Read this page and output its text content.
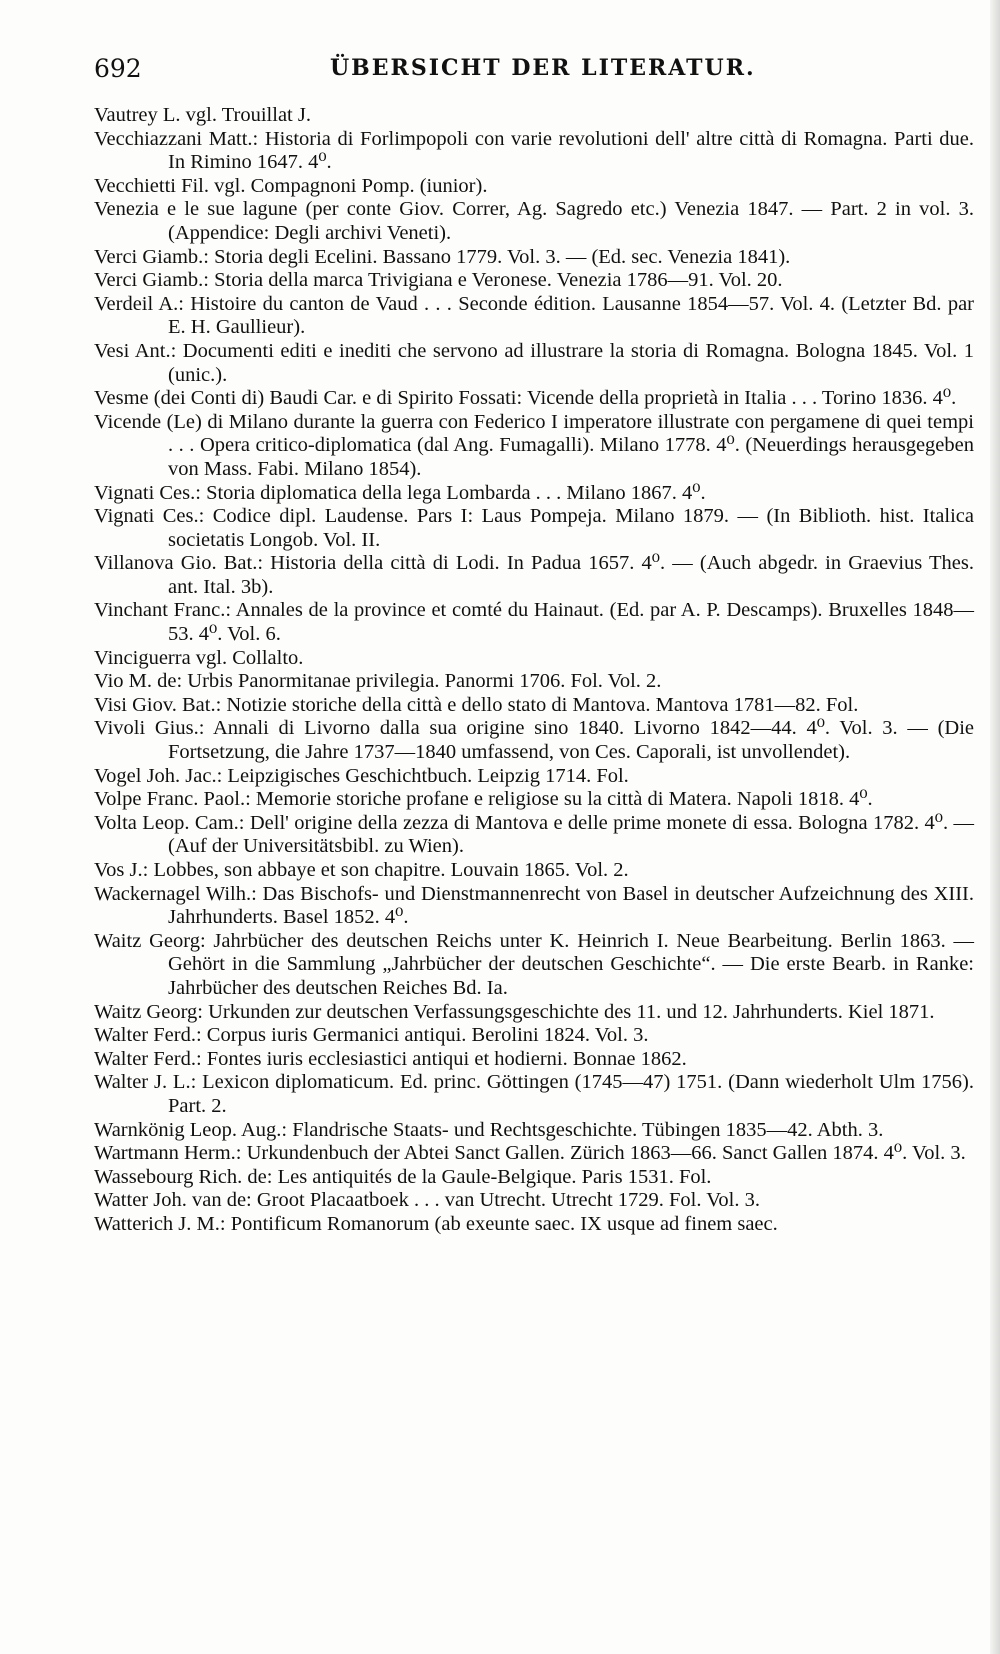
692	ÜBERSICHT DER LITERATUR.
Vautrey L. vgl. Trouillat J.
Vecchiazzani Matt.: Historia di Forlimpopoli con varie revolutioni dell' altre città di Romagna. Parti due. In Rimino 1647. 4⁰.
Vecchietti Fil. vgl. Compagnoni Pomp. (iunior).
Venezia e le sue lagune (per conte Giov. Correr, Ag. Sagredo etc.) Venezia 1847. — Part. 2 in vol. 3. (Appendice: Degli archivi Veneti).
Verci Giamb.: Storia degli Ecelini. Bassano 1779. Vol. 3. — (Ed. sec. Venezia 1841).
Verci Giamb.: Storia della marca Trivigiana e Veronese. Venezia 1786—91. Vol. 20.
Verdeil A.: Histoire du canton de Vaud . . . Seconde édition. Lausanne 1854—57. Vol. 4. (Letzter Bd. par E. H. Gaullieur).
Vesi Ant.: Documenti editi e inediti che servono ad illustrare la storia di Romagna. Bologna 1845. Vol. 1 (unic.).
Vesme (dei Conti di) Baudi Car. e di Spirito Fossati: Vicende della proprietà in Italia . . . Torino 1836. 4⁰.
Vicende (Le) di Milano durante la guerra con Federico I imperatore illustrate con pergamene di quei tempi . . . Opera critico-diplomatica (dal Ang. Fumagalli). Milano 1778. 4⁰. (Neuerdings herausgegeben von Mass. Fabi. Milano 1854).
Vignati Ces.: Storia diplomatica della lega Lombarda . . . Milano 1867. 4⁰.
Vignati Ces.: Codice dipl. Laudense. Pars I: Laus Pompeja. Milano 1879. — (In Biblioth. hist. Italica societatis Longob. Vol. II.
Villanova Gio. Bat.: Historia della città di Lodi. In Padua 1657. 4⁰. — (Auch abgedr. in Graevius Thes. ant. Ital. 3b).
Vinchant Franc.: Annales de la province et comté du Hainaut. (Ed. par A. P. Descamps). Bruxelles 1848—53. 4⁰. Vol. 6.
Vinciguerra vgl. Collalto.
Vio M. de: Urbis Panormitanae privilegia. Panormi 1706. Fol. Vol. 2.
Visi Giov. Bat.: Notizie storiche della città e dello stato di Mantova. Mantova 1781—82. Fol.
Vivoli Gius.: Annali di Livorno dalla sua origine sino 1840. Livorno 1842—44. 4⁰. Vol. 3. — (Die Fortsetzung, die Jahre 1737—1840 umfassend, von Ces. Caporali, ist unvollendet).
Vogel Joh. Jac.: Leipzigisches Geschichtbuch. Leipzig 1714. Fol.
Volpe Franc. Paol.: Memorie storiche profane e religiose su la città di Matera. Napoli 1818. 4⁰.
Volta Leop. Cam.: Dell' origine della zezza di Mantova e delle prime monete di essa. Bologna 1782. 4⁰. — (Auf der Universitätsbibl. zu Wien).
Vos J.: Lobbes, son abbaye et son chapitre. Louvain 1865. Vol. 2.
Wackernagel Wilh.: Das Bischofs- und Dienstmannenrecht von Basel in deutscher Aufzeichnung des XIII. Jahrhunderts. Basel 1852. 4⁰.
Waitz Georg: Jahrbücher des deutschen Reichs unter K. Heinrich I. Neue Bearbeitung. Berlin 1863. — Gehört in die Sammlung „Jahrbücher der deutschen Geschichte“. — Die erste Bearb. in Ranke: Jahrbücher des deutschen Reiches Bd. Ia.
Waitz Georg: Urkunden zur deutschen Verfassungsgeschichte des 11. und 12. Jahrhunderts. Kiel 1871.
Walter Ferd.: Corpus iuris Germanici antiqui. Berolini 1824. Vol. 3.
Walter Ferd.: Fontes iuris ecclesiastici antiqui et hodierni. Bonnae 1862.
Walter J. L.: Lexicon diplomaticum. Ed. princ. Göttingen (1745—47) 1751. (Dann wiederholt Ulm 1756). Part. 2.
Warnkönig Leop. Aug.: Flandrische Staats- und Rechtsgeschichte. Tübingen 1835—42. Abth. 3.
Wartmann Herm.: Urkundenbuch der Abtei Sanct Gallen. Zürich 1863—66. Sanct Gallen 1874. 4⁰. Vol. 3.
Wassebourg Rich. de: Les antiquités de la Gaule-Belgique. Paris 1531. Fol.
Watter Joh. van de: Groot Placaatboek . . . van Utrecht. Utrecht 1729. Fol. Vol. 3.
Watterich J. M.: Pontificum Romanorum (ab exeunte saec. IX usque ad finem saec.
